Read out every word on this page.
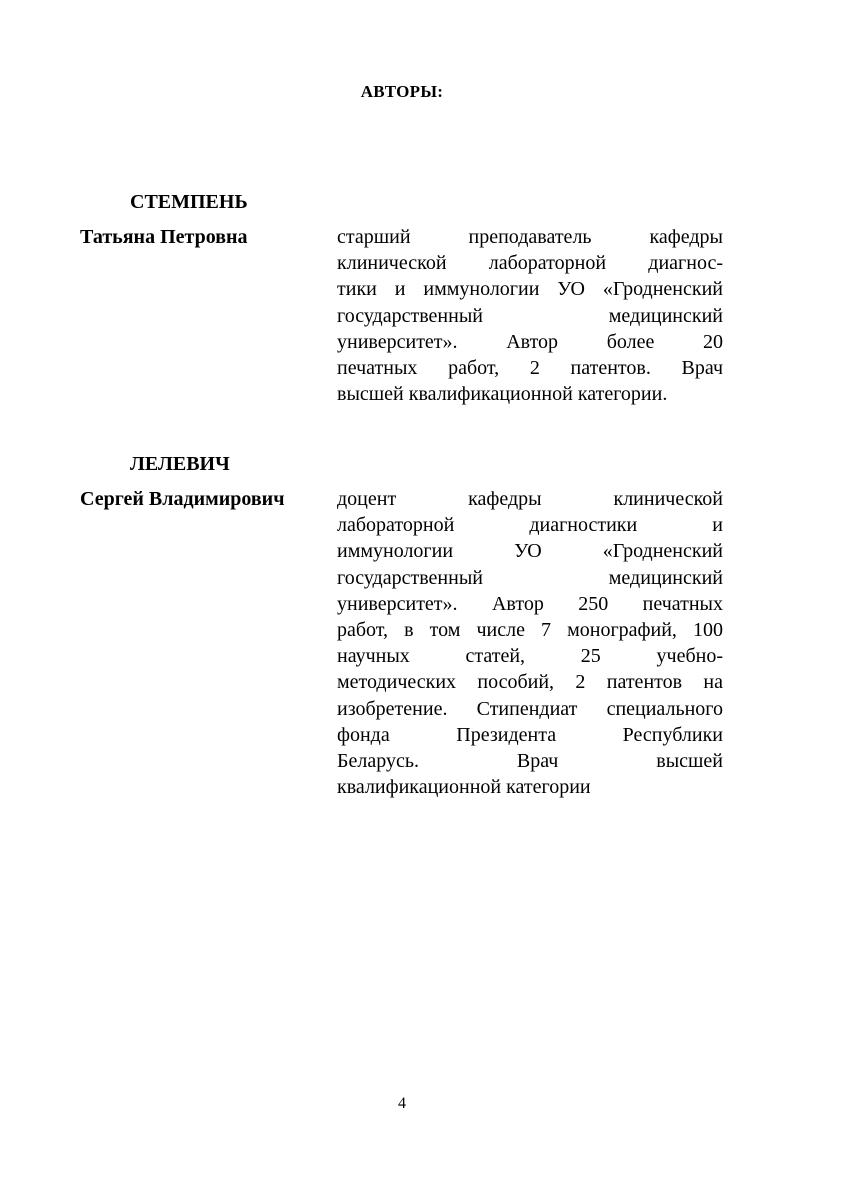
АВТОРЫ:
СТЕМПЕНЬ
Татьяна Петровна	старший преподаватель кафедры
клинической лабораторной диагнос-
тики и иммунологии УО «Гродненский
государственный медицинский
университет». Автор более 20
печатных работ, 2 патентов. Врач
высшей квалификационной категории.
ЛЕЛЕВИЧ
Сергей Владимирович	доцент кафедры клинической
лабораторной диагностики и
иммунологии УО «Гродненский
государственный медицинский
университет». Автор 250 печатных
работ, в том числе 7 монографий, 100
научных статей, 25 учебно-
методических пособий, 2 патентов на
изобретение. Стипендиат специального
фонда Президента Республики
Беларусь. Врач высшей
квалификационной категории
4
